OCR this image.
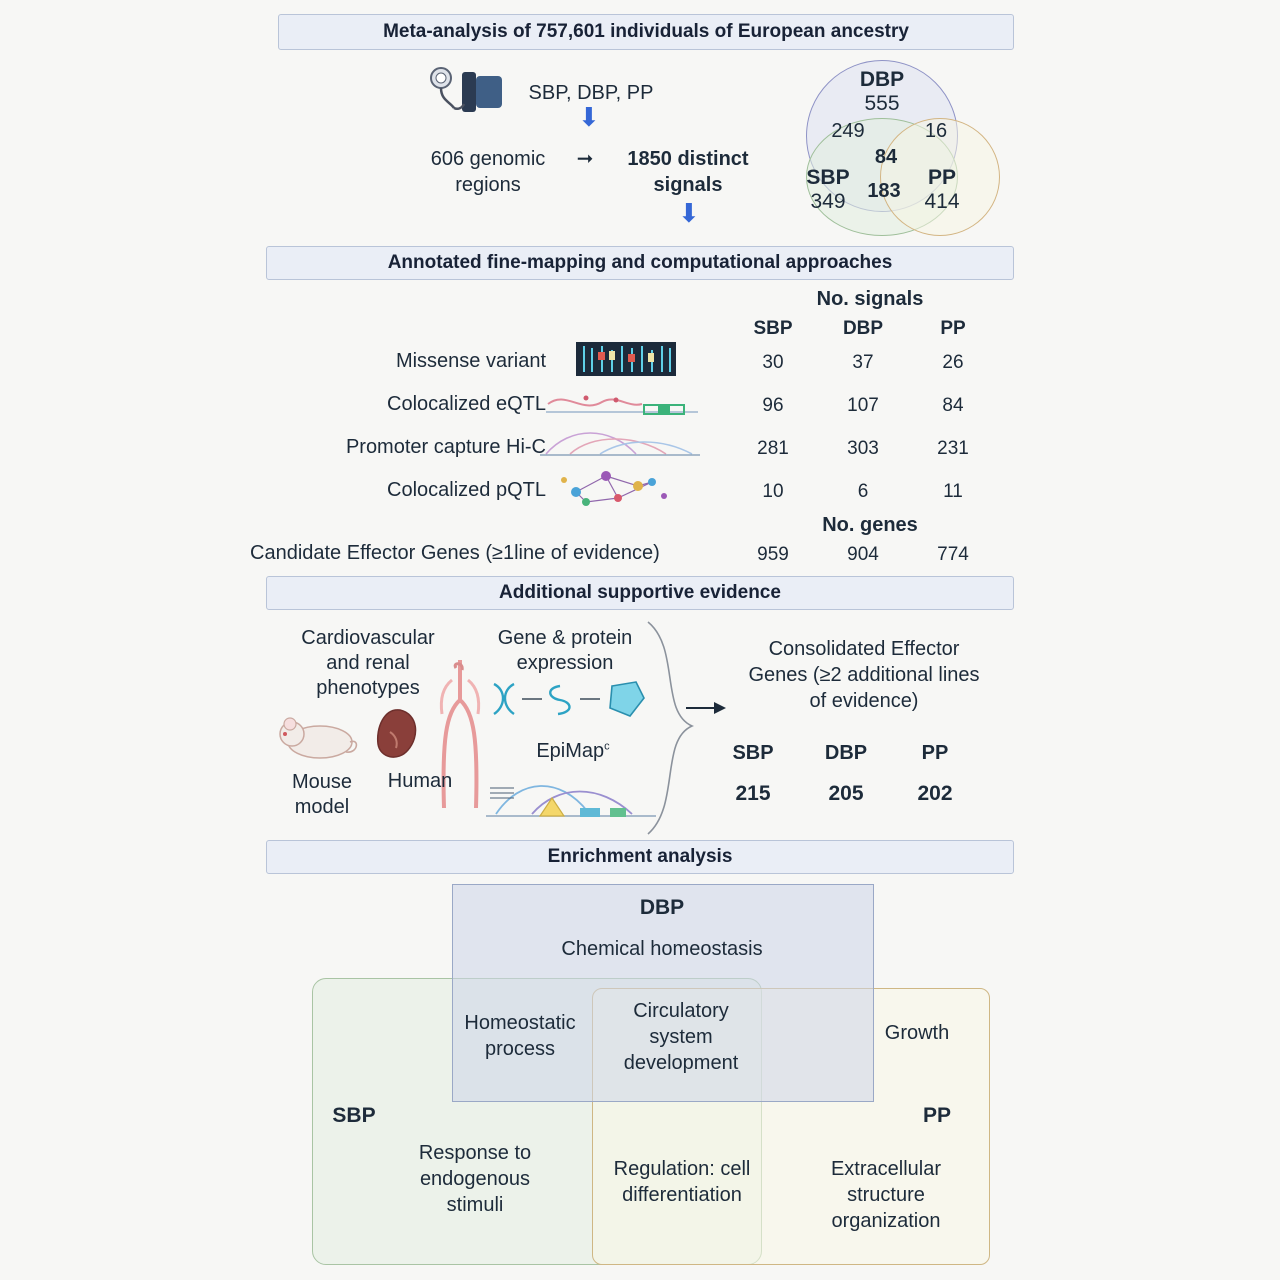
Meta-analysis of 757,601 individuals of European ancestry
SBP, DBP, PP
⬇
606 genomic
regions
➞	1850 distinct
signals
⬇
DBP
555
249	16
84
183
SBP
349
PP
414
Annotated fine-mapping and computational approaches
No. signals
SBP	DBP	PP
Missense variant	30	37	26
Colocalized eQTL	96	107	84
Promoter capture Hi-C	281	303	231
Colocalized pQTL	10	6	11
No. genes
Candidate Effector Genes (≥1line of evidence)	959	904	774
Additional supportive evidence
Cardiovascular
and renal
phenotypes
Mouse
model
Human
Gene & protein
expression
EpiMap$^c$
Consolidated Effector
Genes (≥2 additional lines
of evidence)
SBP	DBP	PP
215	205	202
Enrichment analysis
DBP
Chemical homeostasis
Homeostatic
process
Circulatory
system
development
Growth
SBP	PP
Response to
endogenous
stimuli
Regulation: cell
differentiation
Extracellular
structure
organization
